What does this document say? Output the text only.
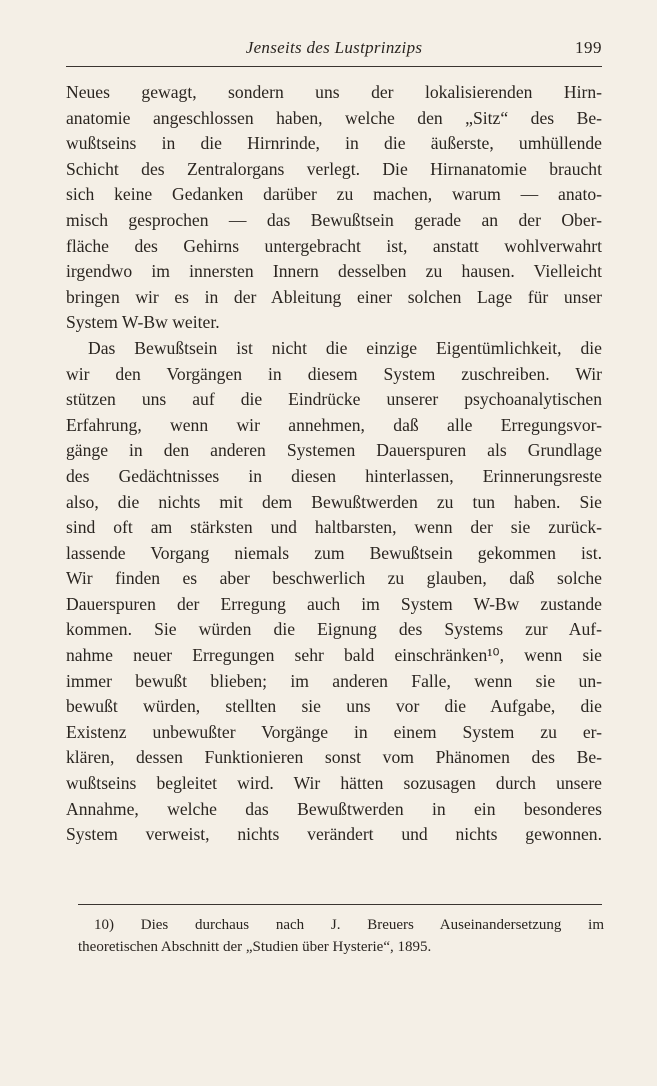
Jenseits des Lustprinzips	199
Neues gewagt, sondern uns der lokalisierenden Hirn-
anatomie angeschlossen haben, welche den „Sitz“ des Be-
wußtseins in die Hirnrinde, in die äußerste, umhüllende
Schicht des Zentralorgans verlegt. Die Hirnanatomie braucht
sich keine Gedanken darüber zu machen, warum — anato-
misch gesprochen — das Bewußtsein gerade an der Ober-
fläche des Gehirns untergebracht ist, anstatt wohlverwahrt
irgendwo im innersten Innern desselben zu hausen. Vielleicht
bringen wir es in der Ableitung einer solchen Lage für unser
System W-Bw weiter.
Das Bewußtsein ist nicht die einzige Eigentümlichkeit, die
wir den Vorgängen in diesem System zuschreiben. Wir
stützen uns auf die Eindrücke unserer psychoanalytischen
Erfahrung, wenn wir annehmen, daß alle Erregungsvor-
gänge in den anderen Systemen Dauerspuren als Grundlage
des Gedächtnisses in diesen hinterlassen, Erinnerungsreste
also, die nichts mit dem Bewußtwerden zu tun haben. Sie
sind oft am stärksten und haltbarsten, wenn der sie zurück-
lassende Vorgang niemals zum Bewußtsein gekommen ist.
Wir finden es aber beschwerlich zu glauben, daß solche
Dauerspuren der Erregung auch im System W-Bw zustande
kommen. Sie würden die Eignung des Systems zur Auf-
nahme neuer Erregungen sehr bald einschränken¹⁰, wenn sie
immer bewußt blieben; im anderen Falle, wenn sie un-
bewußt würden, stellten sie uns vor die Aufgabe, die
Existenz unbewußter Vorgänge in einem System zu er-
klären, dessen Funktionieren sonst vom Phänomen des Be-
wußtseins begleitet wird. Wir hätten sozusagen durch unsere
Annahme, welche das Bewußtwerden in ein besonderes
System verweist, nichts verändert und nichts gewonnen.
10) Dies durchaus nach J. Breuers Auseinandersetzung im
theoretischen Abschnitt der „Studien über Hysterie“, 1895.
